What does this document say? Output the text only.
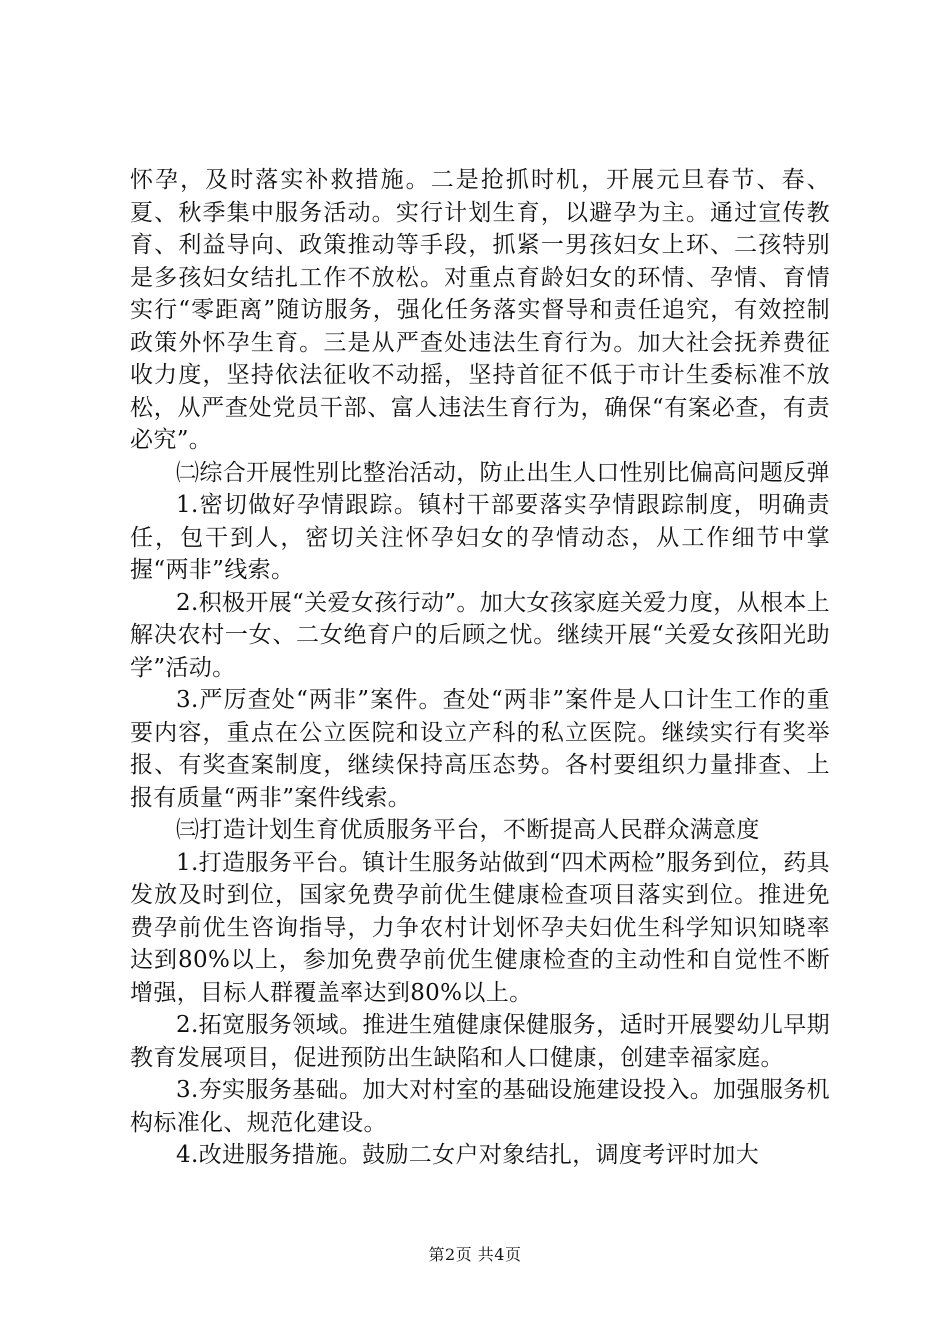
怀孕，及时落实补救措施。二是抢抓时机，开展元旦春节、春、夏、秋季集中服务活动。实行计划生育，以避孕为主。通过宣传教育、利益导向、政策推动等手段，抓紧一男孩妇女上环、二孩特别是多孩妇女结扎工作不放松。对重点育龄妇女的环情、孕情、育情实行“零距离”随访服务，强化任务落实督导和责任追究，有效控制政策外怀孕生育。三是从严查处违法生育行为。加大社会抚养费征收力度，坚持依法征收不动摇，坚持首征不低于市计生委标准不放松，从严查处党员干部、富人违法生育行为，确保“有案必查，有责必究”。

㈡综合开展性别比整治活动，防止出生人口性别比偏高问题反弹

1.密切做好孕情跟踪。镇村干部要落实孕情跟踪制度，明确责任，包干到人，密切关注怀孕妇女的孕情动态，从工作细节中掌握“两非”线索。

2.积极开展“关爱女孩行动”。加大女孩家庭关爱力度，从根本上解决农村一女、二女绝育户的后顾之忧。继续开展“关爱女孩阳光助学”活动。

3.严厉查处“两非”案件。查处“两非”案件是人口计生工作的重要内容，重点在公立医院和设立产科的私立医院。继续实行有奖举报、有奖查案制度，继续保持高压态势。各村要组织力量排查、上报有质量“两非”案件线索。

㈢打造计划生育优质服务平台，不断提高人民群众满意度

1.打造服务平台。镇计生服务站做到“四术两检”服务到位，药具发放及时到位，国家免费孕前优生健康检查项目落实到位。推进免费孕前优生咨询指导，力争农村计划怀孕夫妇优生科学知识知晓率达到80%以上，参加免费孕前优生健康检查的主动性和自觉性不断增强，目标人群覆盖率达到80%以上。

2.拓宽服务领域。推进生殖健康保健服务，适时开展婴幼儿早期教育发展项目，促进预防出生缺陷和人口健康，创建幸福家庭。

3.夯实服务基础。加大对村室的基础设施建设投入。加强服务机构标准化、规范化建设。

4.改进服务措施。鼓励二女户对象结扎，调度考评时加大

第2页 共4页
